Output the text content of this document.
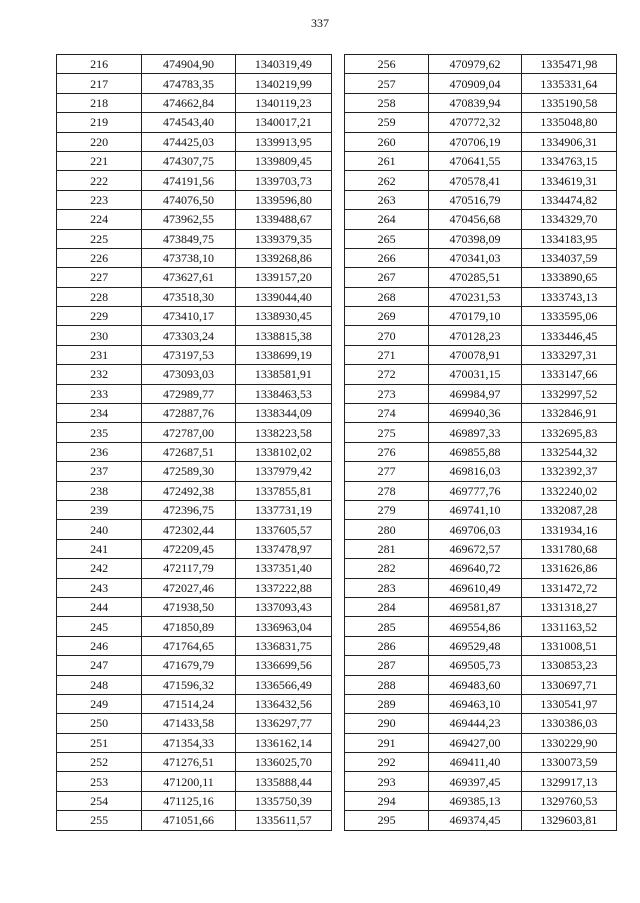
337
216	474904,90	1340319,49
217	474783,35	1340219,99
218	474662,84	1340119,23
219	474543,40	1340017,21
220	474425,03	1339913,95
221	474307,75	1339809,45
222	474191,56	1339703,73
223	474076,50	1339596,80
224	473962,55	1339488,67
225	473849,75	1339379,35
226	473738,10	1339268,86
227	473627,61	1339157,20
228	473518,30	1339044,40
229	473410,17	1338930,45
230	473303,24	1338815,38
231	473197,53	1338699,19
232	473093,03	1338581,91
233	472989,77	1338463,53
234	472887,76	1338344,09
235	472787,00	1338223,58
236	472687,51	1338102,02
237	472589,30	1337979,42
238	472492,38	1337855,81
239	472396,75	1337731,19
240	472302,44	1337605,57
241	472209,45	1337478,97
242	472117,79	1337351,40
243	472027,46	1337222,88
244	471938,50	1337093,43
245	471850,89	1336963,04
246	471764,65	1336831,75
247	471679,79	1336699,56
248	471596,32	1336566,49
249	471514,24	1336432,56
250	471433,58	1336297,77
251	471354,33	1336162,14
252	471276,51	1336025,70
253	471200,11	1335888,44
254	471125,16	1335750,39
255	471051,66	1335611,57
256	470979,62	1335471,98
257	470909,04	1335331,64
258	470839,94	1335190,58
259	470772,32	1335048,80
260	470706,19	1334906,31
261	470641,55	1334763,15
262	470578,41	1334619,31
263	470516,79	1334474,82
264	470456,68	1334329,70
265	470398,09	1334183,95
266	470341,03	1334037,59
267	470285,51	1333890,65
268	470231,53	1333743,13
269	470179,10	1333595,06
270	470128,23	1333446,45
271	470078,91	1333297,31
272	470031,15	1333147,66
273	469984,97	1332997,52
274	469940,36	1332846,91
275	469897,33	1332695,83
276	469855,88	1332544,32
277	469816,03	1332392,37
278	469777,76	1332240,02
279	469741,10	1332087,28
280	469706,03	1331934,16
281	469672,57	1331780,68
282	469640,72	1331626,86
283	469610,49	1331472,72
284	469581,87	1331318,27
285	469554,86	1331163,52
286	469529,48	1331008,51
287	469505,73	1330853,23
288	469483,60	1330697,71
289	469463,10	1330541,97
290	469444,23	1330386,03
291	469427,00	1330229,90
292	469411,40	1330073,59
293	469397,45	1329917,13
294	469385,13	1329760,53
295	469374,45	1329603,81
